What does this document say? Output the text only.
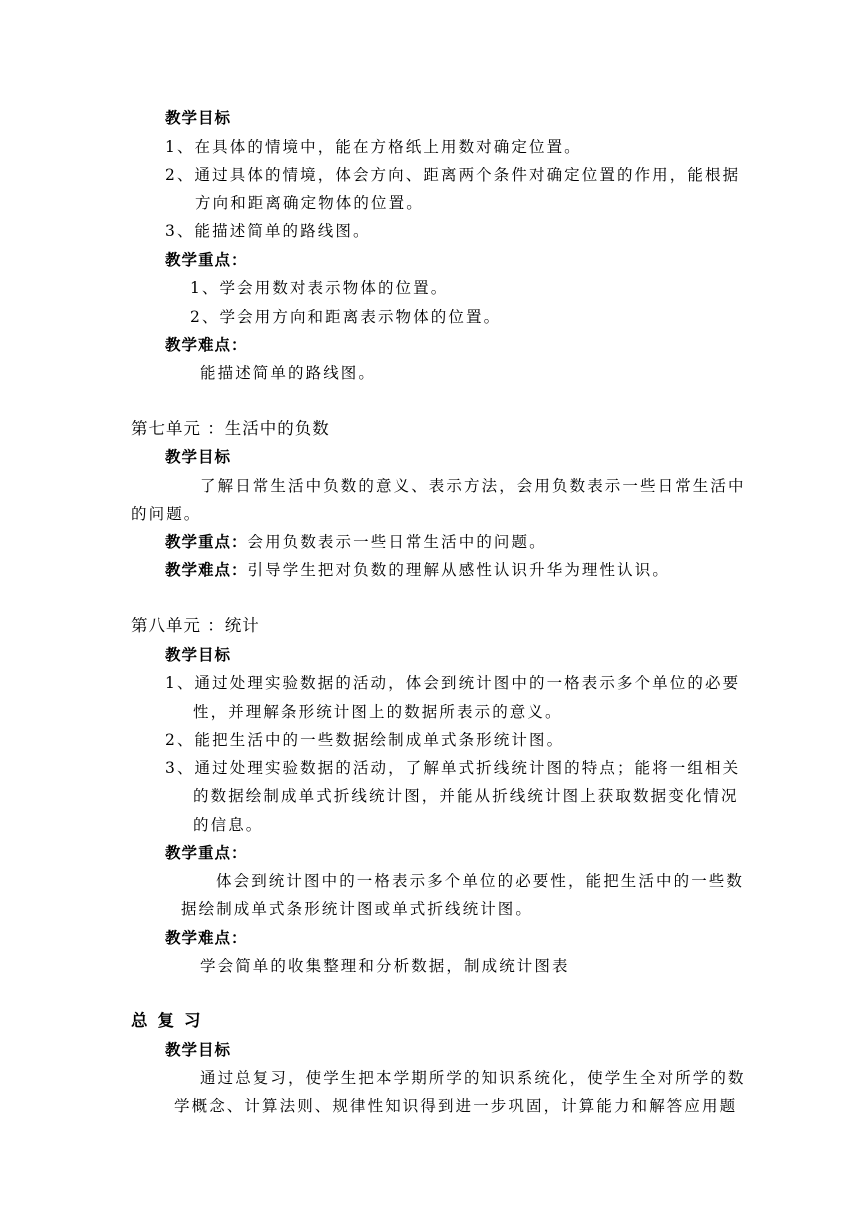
教学目标
1、在具体的情境中，能在方格纸上用数对确定位置。
2、通过具体的情境，体会方向、距离两个条件对确定位置的作用，能根据
方向和距离确定物体的位置。
3、能描述简单的路线图。
教学重点：
1、学会用数对表示物体的位置。
2、学会用方向和距离表示物体的位置。
教学难点：
能描述简单的路线图。
第七单元 ：生活中的负数
教学目标
了解日常生活中负数的意义、表示方法，会用负数表示一些日常生活中
的问题。
教学重点：会用负数表示一些日常生活中的问题。
教学难点：引导学生把对负数的理解从感性认识升华为理性认识。
第八单元 ：统计
教学目标
1、通过处理实验数据的活动，体会到统计图中的一格表示多个单位的必要
性，并理解条形统计图上的数据所表示的意义。
2、能把生活中的一些数据绘制成单式条形统计图。
3、通过处理实验数据的活动，了解单式折线统计图的特点；能将一组相关
的数据绘制成单式折线统计图，并能从折线统计图上获取数据变化情况
的信息。
教学重点：
体会到统计图中的一格表示多个单位的必要性，能把生活中的一些数
据绘制成单式条形统计图或单式折线统计图。
教学难点：
学会简单的收集整理和分析数据，制成统计图表
总复习
教学目标
通过总复习，使学生把本学期所学的知识系统化，使学生全对所学的数
学概念、计算法则、规律性知识得到进一步巩固，计算能力和解答应用题
